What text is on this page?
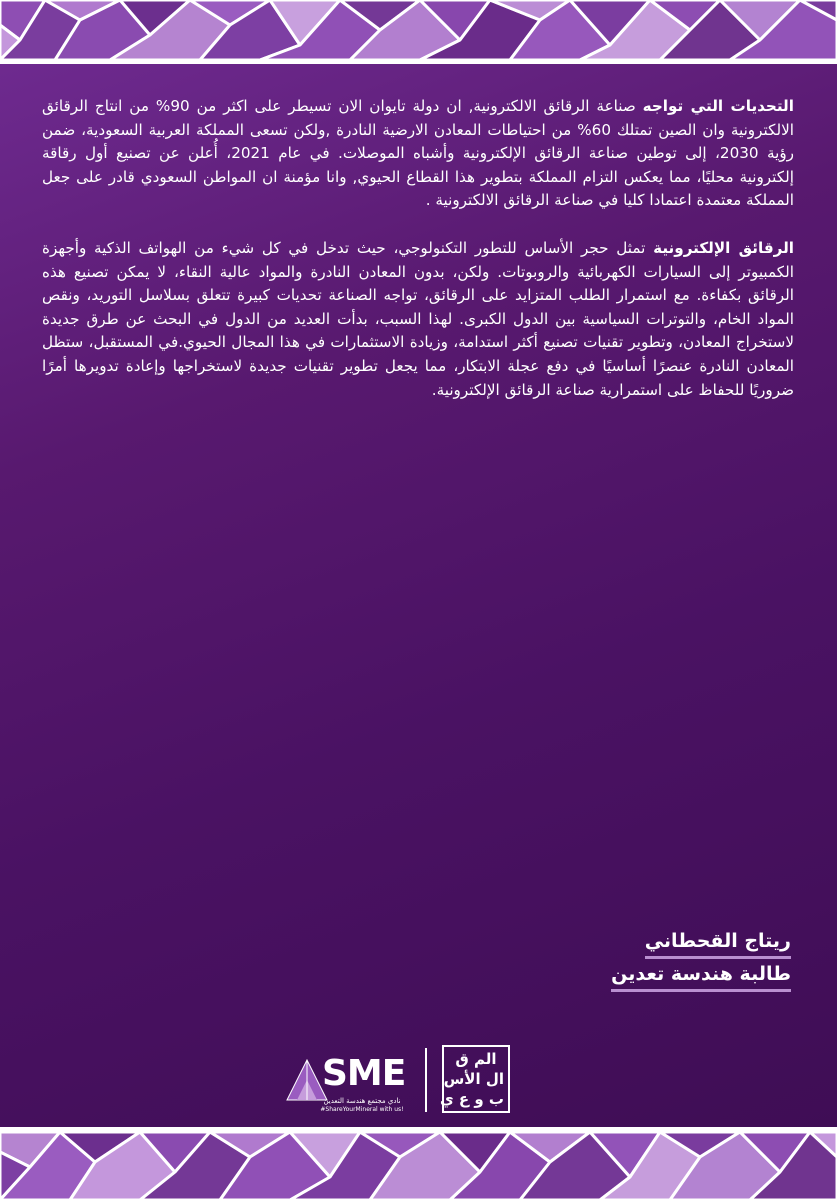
التحديات التي تواجه صناعة الرقائق الالكترونية, ان دولة تايوان الان تسيطر على اكثر من 90% من انتاج الرقائق الالكترونية وان الصين تمتلك 60% من احتياطات المعادن الارضية النادرة ,ولكن تسعى المملكة العربية السعودية، ضمن رؤية 2030، إلى توطين صناعة الرقائق الإلكترونية وأشباه الموصلات. في عام 2021، أُعلن عن تصنيع أول رقاقة إلكترونية محليًا، مما يعكس التزام المملكة بتطوير هذا القطاع الحيوي, وانا مؤمنة ان المواطن السعودي قادر على جعل المملكة معتمدة اعتمادا كليا في صناعة الرقائق الالكترونية .

الرقائق الإلكترونية تمثل حجر الأساس للتطور التكنولوجي، حيث تدخل في كل شيء من الهواتف الذكية وأجهزة الكمبيوتر إلى السيارات الكهربائية والروبوتات. ولكن، بدون المعادن النادرة والمواد عالية النقاء، لا يمكن تصنيع هذه الرقائق بكفاءة. مع استمرار الطلب المتزايد على الرقائق، تواجه الصناعة تحديات كبيرة تتعلق بسلاسل التوريد، ونقص المواد الخام، والتوترات السياسية بين الدول الكبرى. لهذا السبب، بدأت العديد من الدول في البحث عن طرق جديدة لاستخراج المعادن، وتطوير تقنيات تصنيع أكثر استدامة، وزيادة الاستثمارات في هذا المجال الحيوي.في المستقبل، ستظل المعادن النادرة عنصرًا أساسيًا في دفع عجلة الابتكار، مما يجعل تطوير تقنيات جديدة لاستخراجها وإعادة تدويرها أمرًا ضروريًا للحفاظ على استمرارية صناعة الرقائق الإلكترونية.

ريتاج القحطاني
طالبة هندسة تعدين
SME
نادي مجتمع هندسة التعدين
#ShareYourMineral with us!
الم ق
ال الأس
ب و ع ي
